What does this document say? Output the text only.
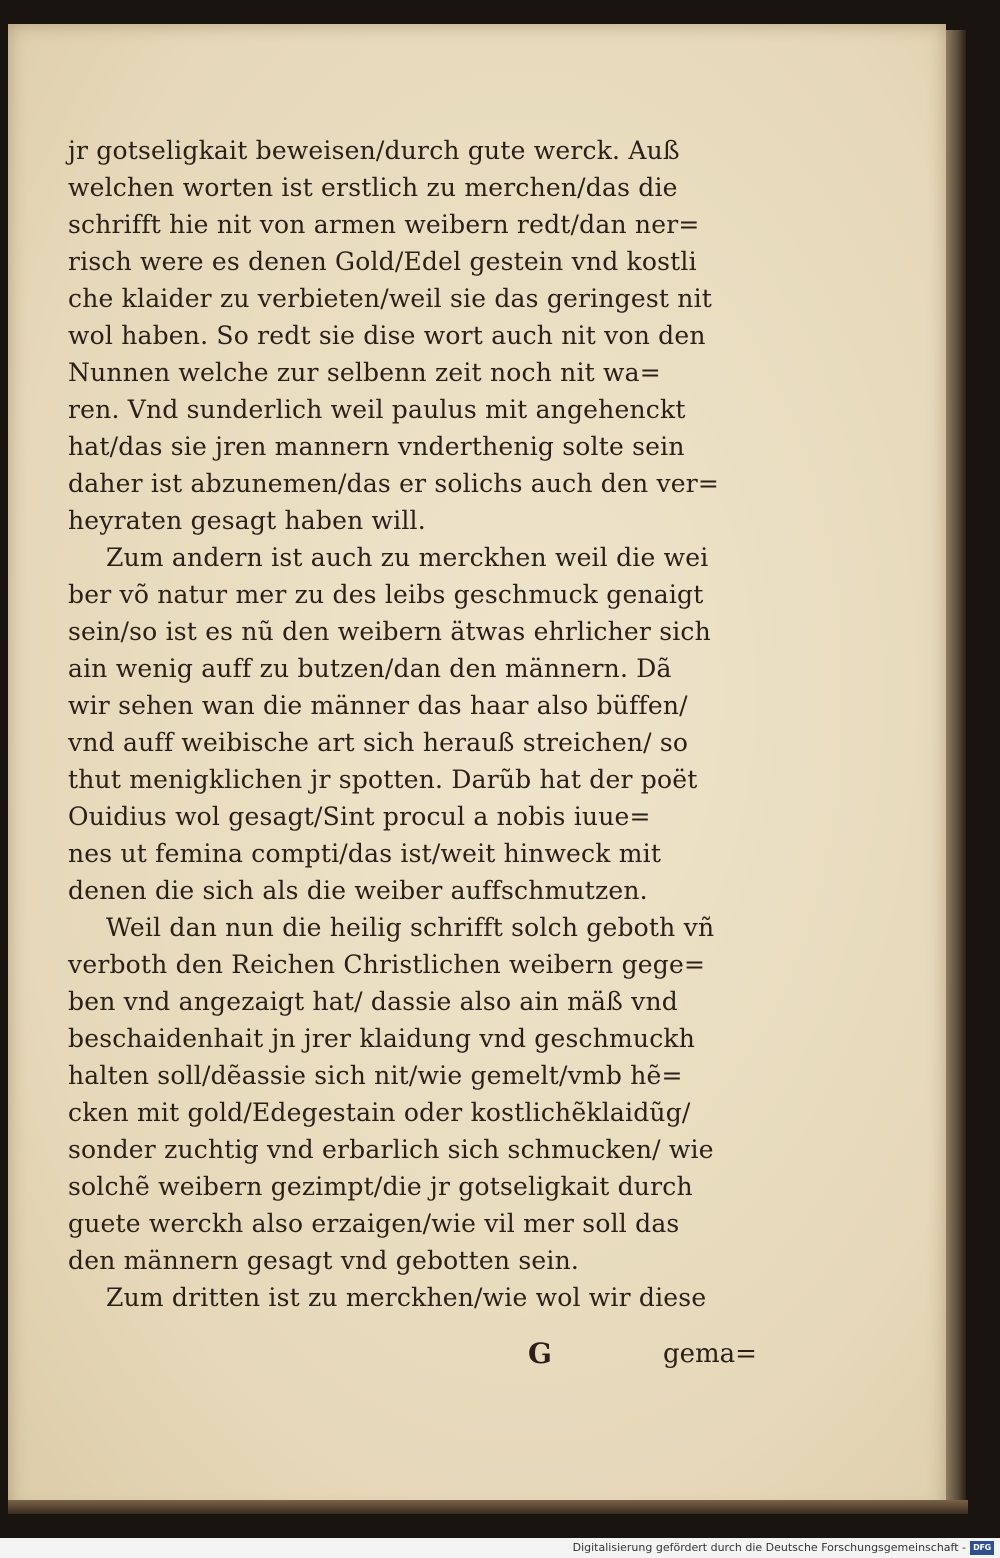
jr gotseligkait beweisen/durch gute werck. Auß
welchen worten ist erstlich zu merchen/das die
schrifft hie nit von armen weibern redt/dan ner=
risch were es denen Gold/Edel gestein vnd kostli
che klaider zu verbieten/weil sie das geringest nit
wol haben. So redt sie dise wort auch nit von den
Nunnen welche zur selbenn zeit noch nit wa=
ren. Vnd sunderlich weil paulus mit angehenckt
hat/das sie jren mannern vnderthenig solte sein
daher ist abzunemen/das er solichs auch den ver=
heyraten gesagt haben will.
Zum andern ist auch zu merckhen weil die wei
ber võ natur mer zu des leibs geschmuck genaigt
sein/so ist es nũ den weibern ätwas ehrlicher sich
ain wenig auff zu butzen/dan den männern. Dã
wir sehen wan die männer das haar also büffen/
vnd auff weibische art sich herauß streichen/ so
thut menigklichen jr spotten. Darũb hat der poët
Ouidius wol gesagt/Sint procul a nobis iuue=
nes ut femina compti/das ist/weit hinweck mit
denen die sich als die weiber auffschmutzen.
Weil dan nun die heilig schrifft solch geboth vñ
verboth den Reichen Christlichen weibern gege=
ben vnd angezaigt hat/ dassie also ain mäß vnd
beschaidenhait jn jrer klaidung vnd geschmuckh
halten soll/dẽassie sich nit/wie gemelt/vmb hẽ=
cken mit gold/Edegestain oder kostlichẽklaidũg/
sonder zuchtig vnd erbarlich sich schmucken/ wie
solchẽ weibern gezimpt/die jr gotseligkait durch
guete werckh also erzaigen/wie vil mer soll das
den männern gesagt vnd gebotten sein.
Zum dritten ist zu merckhen/wie wol wir diese
G	gema=
Digitalisierung gefördert durch die Deutsche Forschungsgemeinschaft - DFG
